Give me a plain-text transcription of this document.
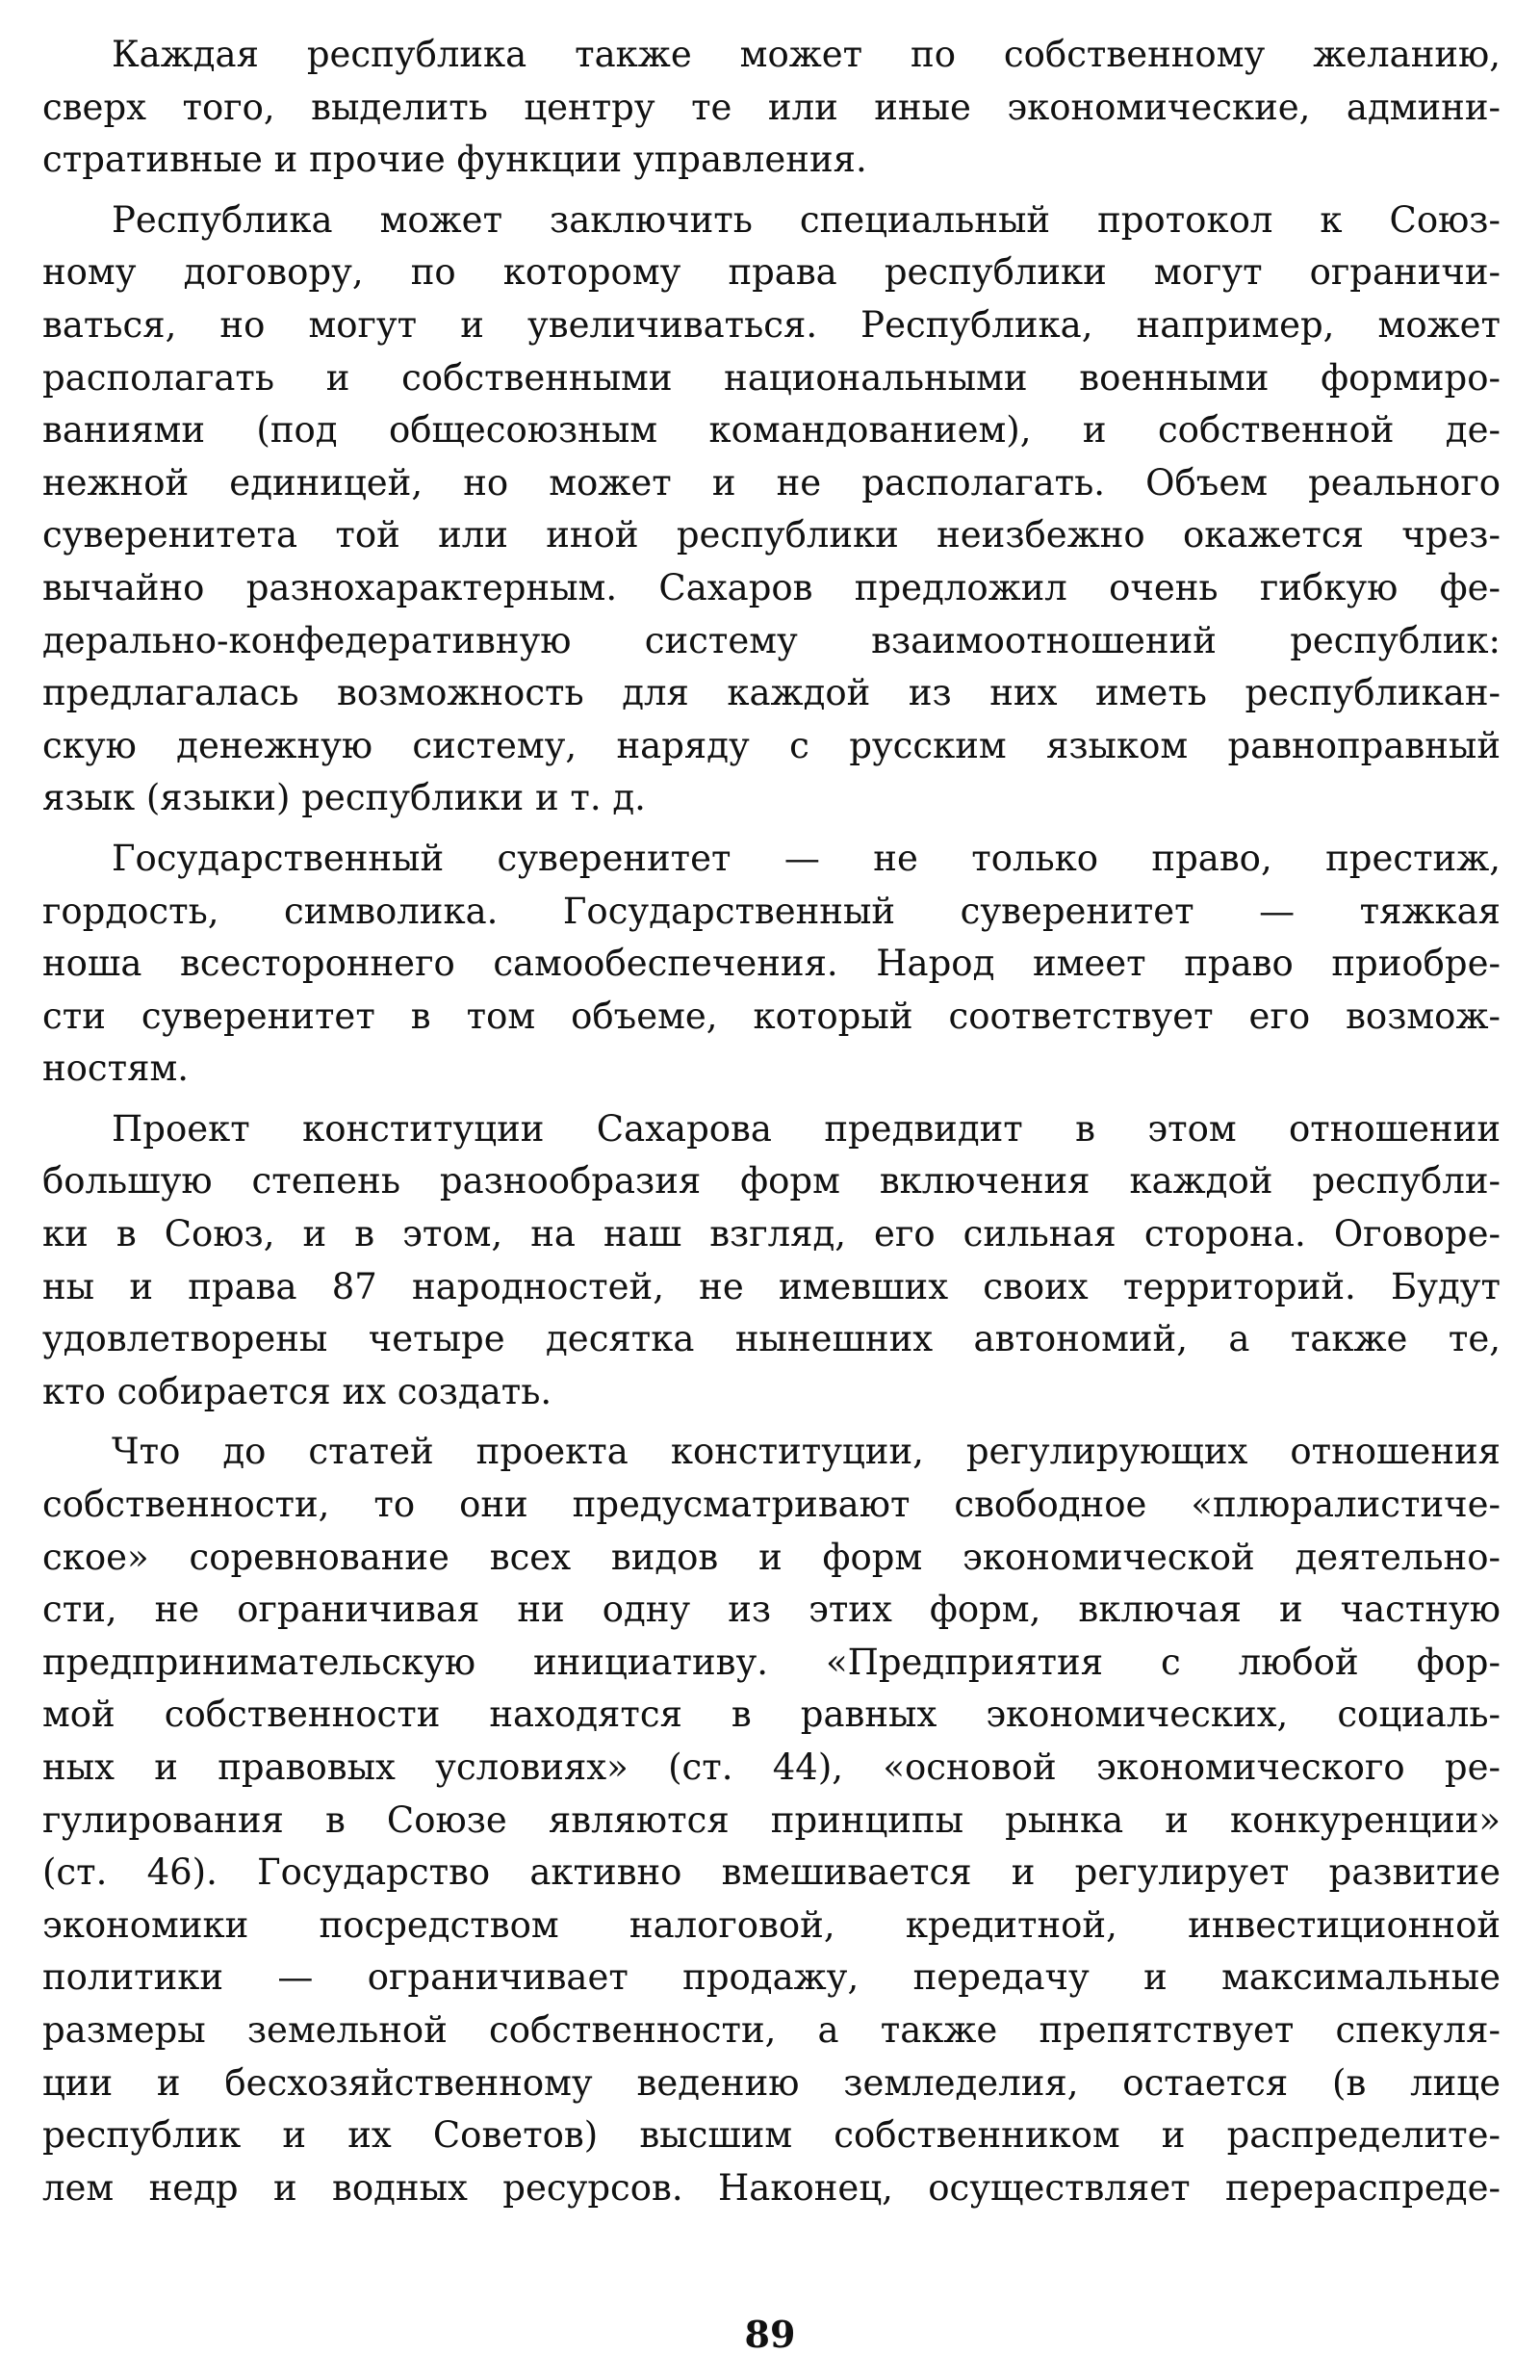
Каждая республика также может по собственному желанию,
сверх того, выделить центру те или иные экономические, админи-
стративные и прочие функции управления.
Республика может заключить специальный протокол к Союз-
ному договору, по которому права республики могут ограничи-
ваться, но могут и увеличиваться. Республика, например, может
располагать и собственными национальными военными формиро-
ваниями (под общесоюзным командованием), и собственной де-
нежной единицей, но может и не располагать. Объем реального
суверенитета той или иной республики неизбежно окажется чрез-
вычайно разнохарактерным. Сахаров предложил очень гибкую фе-
дерально-конфедеративную систему взаимоотношений республик:
предлагалась возможность для каждой из них иметь республикан-
скую денежную систему, наряду с русским языком равноправный
язык (языки) республики и т. д.
Государственный суверенитет — не только право, престиж,
гордость, символика. Государственный суверенитет — тяжкая
ноша всестороннего самообеспечения. Народ имеет право приобре-
сти суверенитет в том объеме, который соответствует его возмож-
ностям.
Проект конституции Сахарова предвидит в этом отношении
большую степень разнообразия форм включения каждой республи-
ки в Союз, и в этом, на наш взгляд, его сильная сторона. Оговоре-
ны и права 87 народностей, не имевших своих территорий. Будут
удовлетворены четыре десятка нынешних автономий, а также те,
кто собирается их создать.
Что до статей проекта конституции, регулирующих отношения
собственности, то они предусматривают свободное «плюралистиче-
ское» соревнование всех видов и форм экономической деятельно-
сти, не ограничивая ни одну из этих форм, включая и частную
предпринимательскую инициативу. «Предприятия с любой фор-
мой собственности находятся в равных экономических, социаль-
ных и правовых условиях» (ст. 44), «основой экономического ре-
гулирования в Союзе являются принципы рынка и конкуренции»
(ст. 46). Государство активно вмешивается и регулирует развитие
экономики посредством налоговой, кредитной, инвестиционной
политики — ограничивает продажу, передачу и максимальные
размеры земельной собственности, а также препятствует спекуля-
ции и бесхозяйственному ведению земледелия, остается (в лице
республик и их Советов) высшим собственником и распределите-
лем недр и водных ресурсов. Наконец, осуществляет перераспреде-
89
